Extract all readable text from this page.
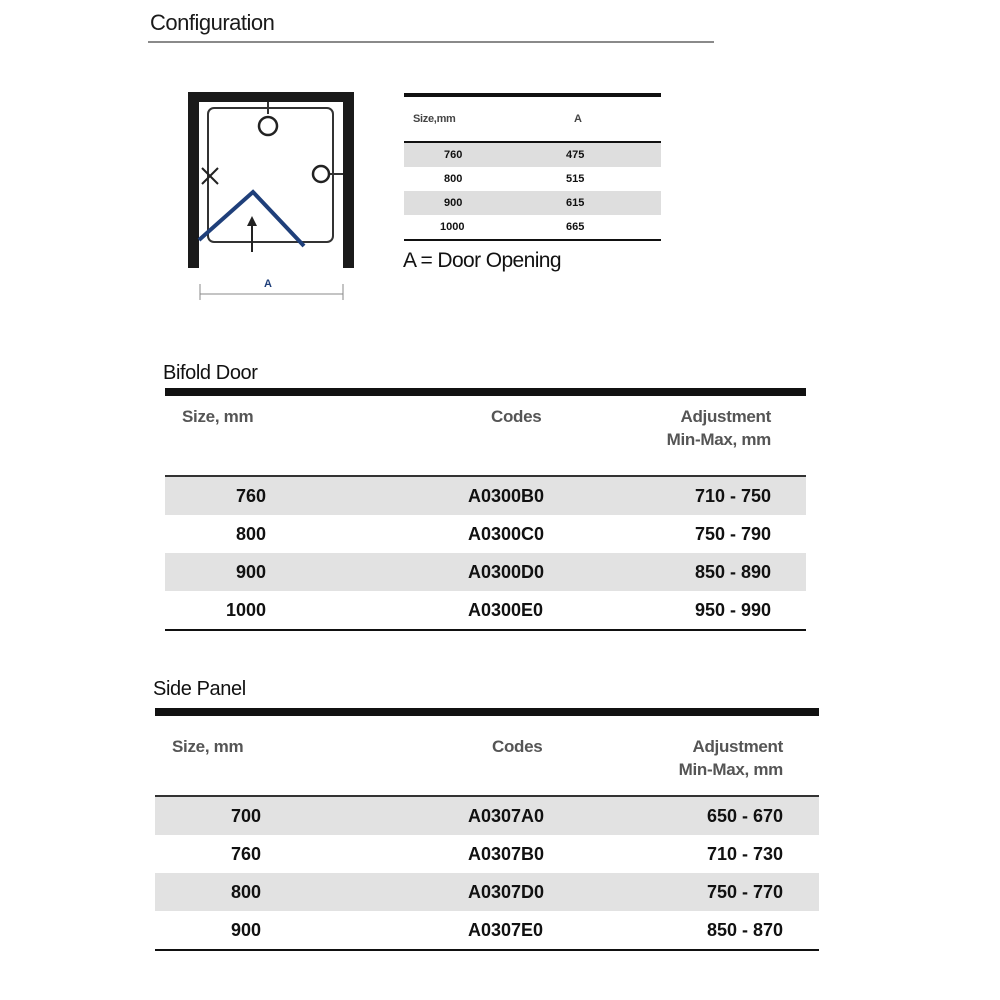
Configuration
A
Size,mm	A
760	475
800	515
900	615
1000	665
A = Door Opening
Bifold Door
Size, mm	Codes	Adjustment
Min-Max, mm
760	A0300B0	710 - 750
800	A0300C0	750 - 790
900	A0300D0	850 - 890
1000	A0300E0	950 - 990
Side Panel
Size, mm	Codes	Adjustment
Min-Max, mm
700	A0307A0	650 - 670
760	A0307B0	710 - 730
800	A0307D0	750 - 770
900	A0307E0	850 - 870
